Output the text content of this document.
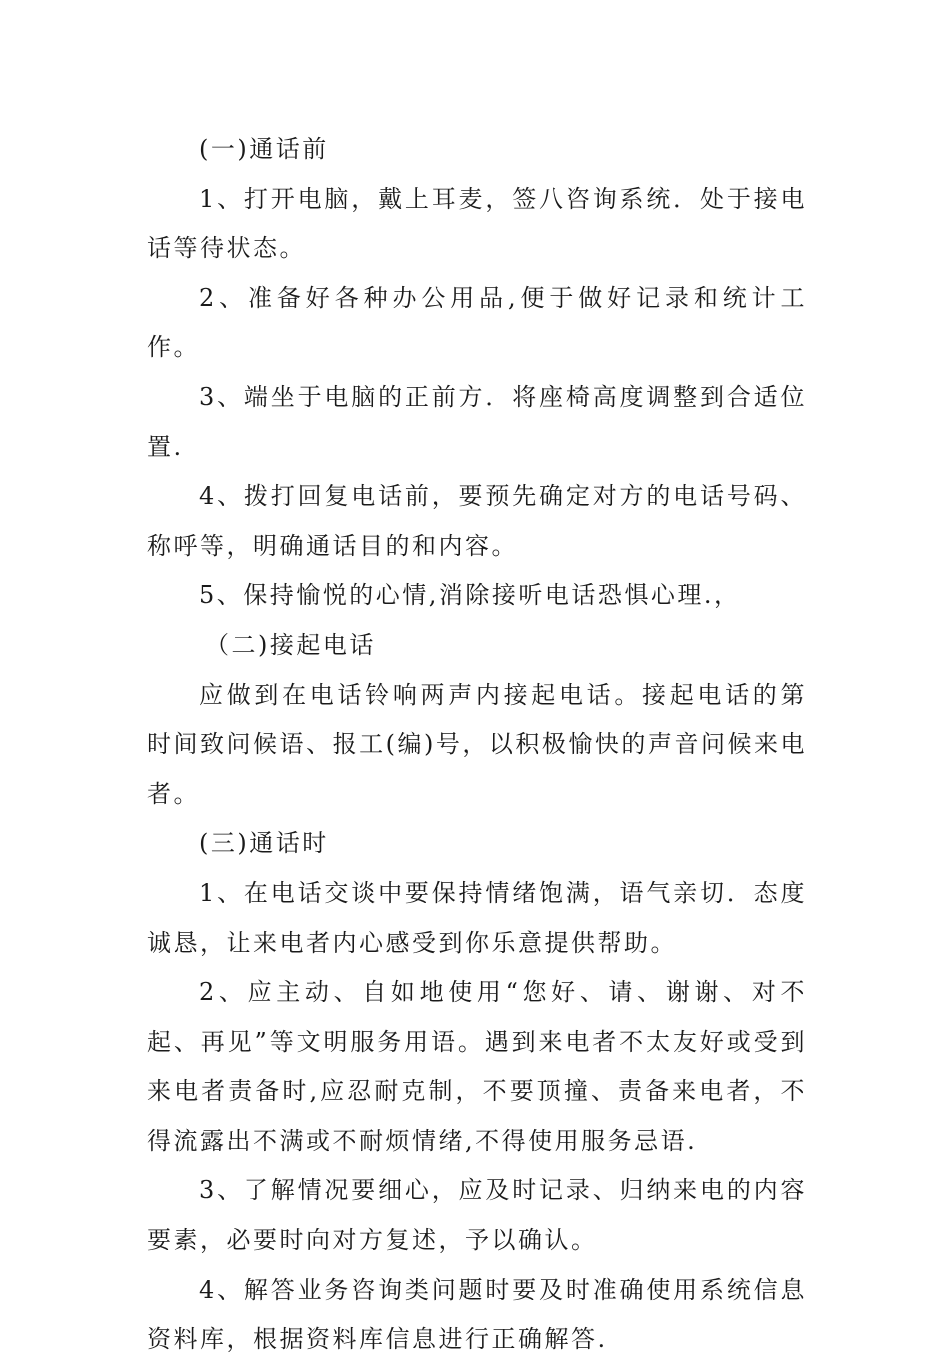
(一)通话前

1、打开电脑，戴上耳麦，签八咨询系统．处于接电话等待状态。

2、准备好各种办公用品,便于做好记录和统计工作。

3、端坐于电脑的正前方．将座椅高度调整到合适位置.

4、拨打回复电话前，要预先确定对方的电话号码、称呼等，明确通话目的和内容。

5、保持愉悦的心情,消除接听电话恐惧心理.，

（二)接起电话

应做到在电话铃响两声内接起电话。接起电话的第时间致问候语、报工(编)号，以积极愉快的声音问候来电者。

(三)通话时

1、在电话交谈中要保持情绪饱满，语气亲切．态度诚恳，让来电者内心感受到你乐意提供帮助。

2、应主动、自如地使用“您好、请、谢谢、对不起、再见”等文明服务用语。遇到来电者不太友好或受到来电者责备时,应忍耐克制，不要顶撞、责备来电者，不得流露出不满或不耐烦情绪,不得使用服务忌语.

3、了解情况要细心，应及时记录、归纳来电的内容要素，必要时向对方复述，予以确认。

4、解答业务咨询类问题时要及时准确使用系统信息资料库，根据资料库信息进行正确解答.
